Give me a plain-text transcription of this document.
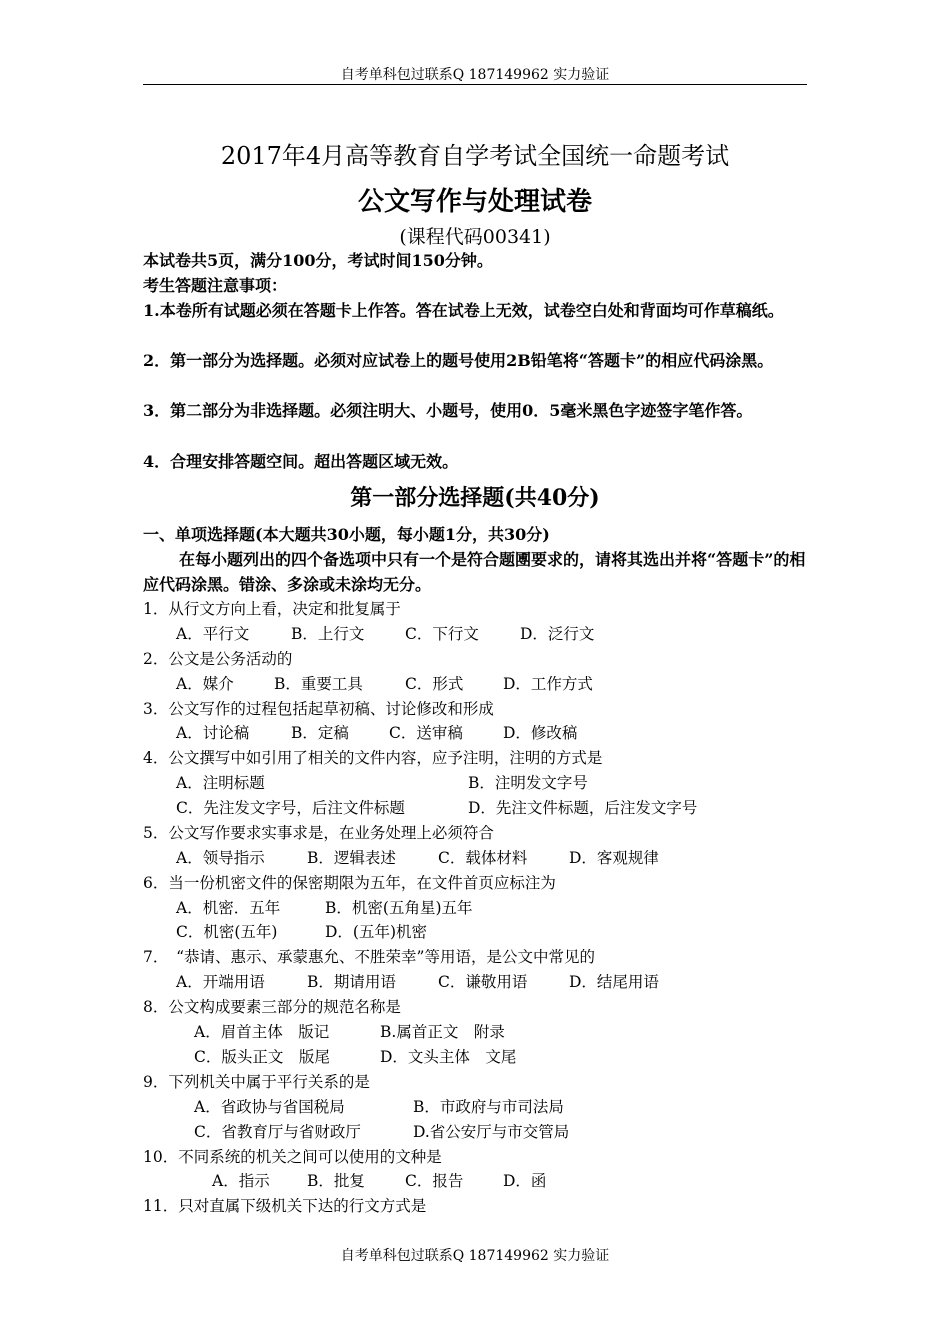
自考单科包过联系Q 187149962 实力验证
2017年4月高等教育自学考试全国统一命题考试
公文写作与处理试卷
(课程代码00341)
本试卷共5页，满分100分，考试时间150分钟。
考生答题注意事项：
1.本卷所有试题必须在答题卡上作答。答在试卷上无效，试卷空白处和背面均可作草稿纸。
2．第一部分为选择题。必须对应试卷上的题号使用2B铅笔将“答题卡”的相应代码涂黑。
3．第二部分为非选择题。必须注明大、小题号，使用0．5毫米黑色字迹签字笔作答。
4．合理安排答题空间。超出答题区域无效。
第一部分选择题(共40分)
一、单项选择题(本大题共30小题，每小题1分，共30分)
在每小题列出的四个备选项中只有一个是符合题圑要求的，请将其选出并将“答题卡”的相应代码涂黑。错涂、多涂或未涂均无分。
1．从行文方向上看，决定和批复属于
A．平行文	B．上行文	C．下行文	D．泛行文
2．公文是公务活动的
A．媒介	B．重要工具	C．形式	D．工作方式
3．公文写作的过程包括起草初稿、讨论修改和形成
A．讨论稿	B．定稿	C．送审稿	D．修改稿
4．公文撰写中如引用了相关的文件内容，应予注明，注明的方式是
A．注明标题	B．注明发文字号
C．先注发文字号，后注文件标题	D．先注文件标题，后注发文字号
5．公文写作要求实事求是，在业务处理上必须符合
A．领导指示	B．逻辑表述	C．载体材料	D．客观规律
6．当一份机密文件的保密期限为五年，在文件首页应标注为
A．机密．五年	B．机密(五角星)五年
C．机密(五年)	D．(五年)机密
7．　“恭请、惠示、承蒙惠允、不胜荣幸”等用语，是公文中常见的
A．开端用语	B．期请用语	C．谦敬用语	D．结尾用语
8．公文构成要素三部分的规范名称是
A．眉首主体　版记	B.属首正文　附录
C．版头正文　版尾	D．文头主体　文尾
9．下列机关中属于平行关系的是
A．省政协与省国税局	B．市政府与市司法局
C．省教育厅与省财政厅	D.省公安厅与市交管局
10．不同系统的机关之间可以使用的文种是
A．指示 B．批复	C．报告	D．函
11．只对直属下级机关下达的行文方式是
自考单科包过联系Q 187149962 实力验证
